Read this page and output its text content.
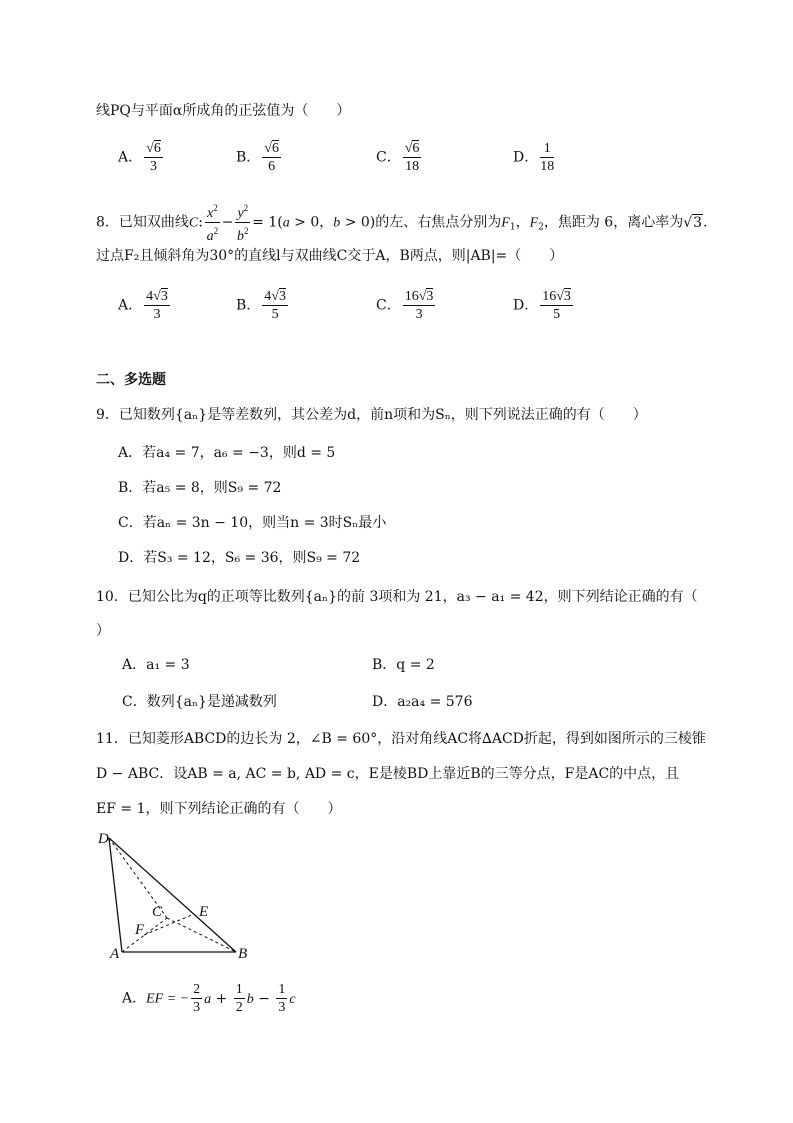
线PQ与平面α所成角的正弦值为（　　）
A． $\frac{√6}{3}$	B． $\frac{√6}{6}$	C． $\frac{√6}{18}$	D． $\frac{1}{18}$
8．已知双曲线C: $\frac{x^2}{a^2} - \frac{y^2}{b^2} = 1(a > 0$，b > 0)的左、右焦点分别为$F_1$，$F_2$，焦距为 6，离心率为√3．
过点F₂且倾斜角为30°的直线l与双曲线C交于A，B两点，则|AB|=（　　）
A． $\frac{4√3}{3}$	B． $\frac{4√3}{5}$	C． $\frac{16√3}{3}$	D． $\frac{16√3}{5}$
二、多选题
9．已知数列{aₙ}是等差数列，其公差为d，前n项和为Sₙ，则下列说法正确的有（　　）
A．若a₄ = 7，a₆ = −3，则d = 5
B．若a₅ = 8，则S₉ = 72
C．若aₙ = 3n − 10，则当n = 3时Sₙ最小
D．若S₃ = 12，S₆ = 36，则S₉ = 72
10．已知公比为q的正项等比数列{aₙ}的前 3项和为 21，a₃ − a₁ = 42，则下列结论正确的有（
）
A．a₁ = 3	B．q = 2
C．数列{aₙ}是递减数列	D．a₂a₄ = 576
11．已知菱形ABCD的边长为 2，∠B = 60°，沿对角线AC将∆ACD折起，得到如图所示的三棱锥
D − ABC．设AB = a, AC = b, AD = c，E是棱BD上靠近B的三等分点，F是AC的中点，且
EF = 1，则下列结论正确的有（　　）
D
C E
F
A	B
A．EF = − $\frac{2}{3}$ $a + \frac{1}{2}$ $b - \frac{1}{3}$ c
